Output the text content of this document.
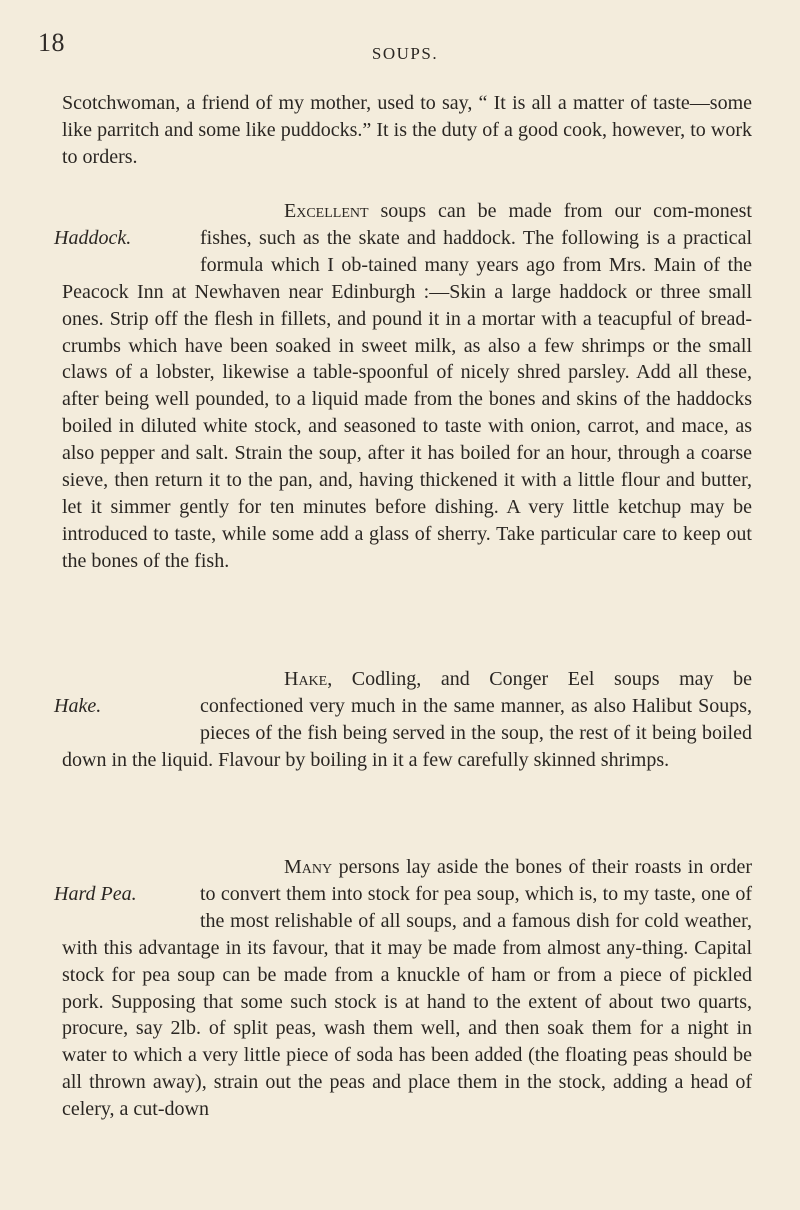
18	SOUPS.

Scotchwoman, a friend of my mother, used to say, “ It is all a matter of taste—some like parritch and some like puddocks.” It is the duty of a good cook, however, to work to orders.

Haddock.
Excellent soups can be made from our com-monest fishes, such as the skate and haddock. The following is a practical formula which I ob-tained many years ago from Mrs. Main of the Peacock Inn at Newhaven near Edinburgh :—Skin a large haddock or three small ones. Strip off the flesh in fillets, and pound it in a mortar with a teacupful of bread-crumbs which have been soaked in sweet milk, as also a few shrimps or the small claws of a lobster, likewise a table-spoonful of nicely shred parsley. Add all these, after being well pounded, to a liquid made from the bones and skins of the haddocks boiled in diluted white stock, and seasoned to taste with onion, carrot, and mace, as also pepper and salt. Strain the soup, after it has boiled for an hour, through a coarse sieve, then return it to the pan, and, having thickened it with a little flour and butter, let it simmer gently for ten minutes before dishing. A very little ketchup may be introduced to taste, while some add a glass of sherry. Take particular care to keep out the bones of the fish.

Hake.
Hake, Codling, and Conger Eel soups may be confectioned very much in the same manner, as also Halibut Soups, pieces of the fish being served in the soup, the rest of it being boiled down in the liquid. Flavour by boiling in it a few carefully skinned shrimps.

Hard Pea.
Many persons lay aside the bones of their roasts in order to convert them into stock for pea soup, which is, to my taste, one of the most relishable of all soups, and a famous dish for cold weather, with this advantage in its favour, that it may be made from almost any-thing. Capital stock for pea soup can be made from a knuckle of ham or from a piece of pickled pork. Supposing that some such stock is at hand to the extent of about two quarts, procure, say 2lb. of split peas, wash them well, and then soak them for a night in water to which a very little piece of soda has been added (the floating peas should be all thrown away), strain out the peas and place them in the stock, adding a head of celery, a cut-down
